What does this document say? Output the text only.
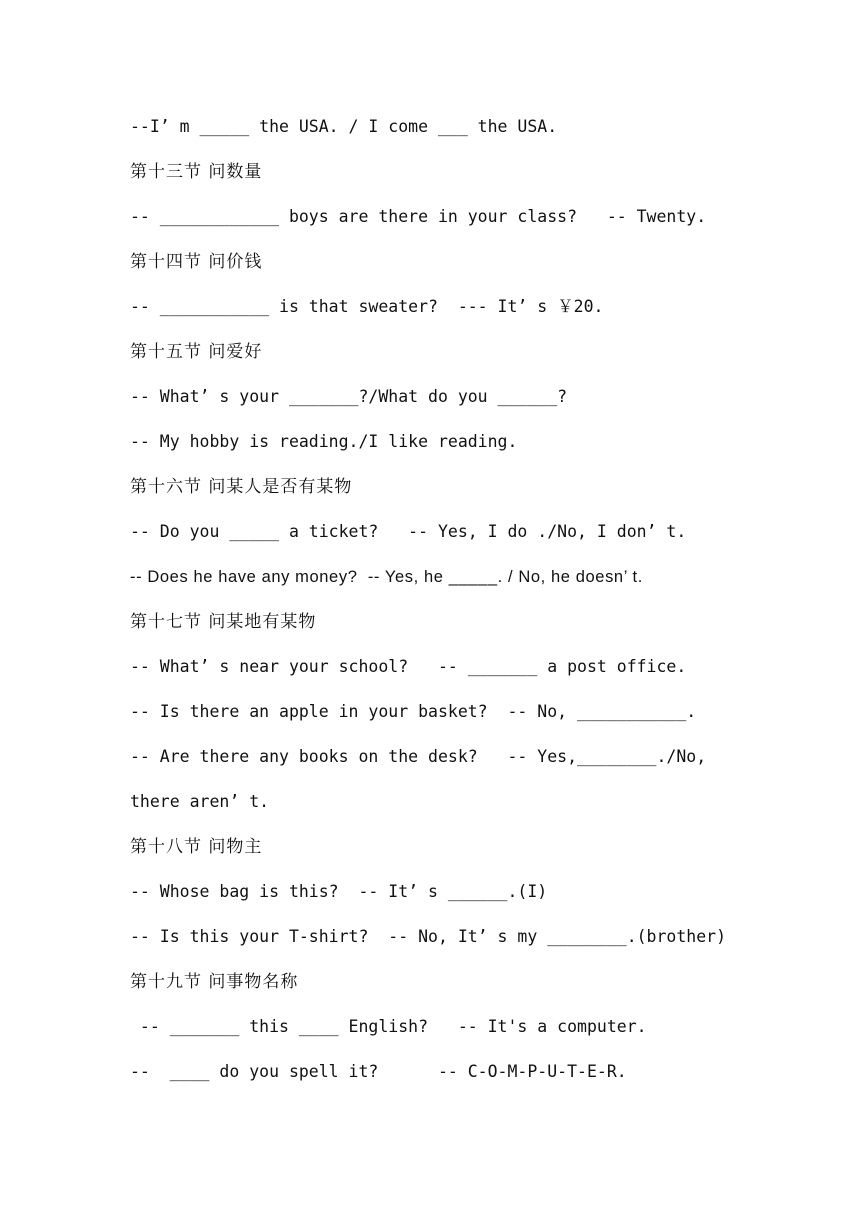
--I’ m _____ the USA. / I come ___ the USA.
第十三节 问数量
-- ____________ boys are there in your class?   -- Twenty.
第十四节 问价钱
-- ___________ is that sweater?  --- It’ s ￥20.
第十五节 问爱好
-- What’ s your _______?/What do you ______?
-- My hobby is reading./I like reading.
第十六节 问某人是否有某物
-- Do you _____ a ticket?   -- Yes, I do ./No, I don’ t.
-- Does he have any money?  -- Yes, he _____. / No, he doesn’ t.
第十七节 问某地有某物
-- What’ s near your school?   -- _______ a post office.
-- Is there an apple in your basket?  -- No, ___________.
-- Are there any books on the desk?   -- Yes,________./No,
there aren’ t.
第十八节 问物主
-- Whose bag is this?  -- It’ s ______.(I)
-- Is this your T-shirt?  -- No, It’ s my ________.(brother)
第十九节 问事物名称
-- _______ this ____ English?   -- It's a computer.
--  ____ do you spell it?      -- C-O-M-P-U-T-E-R.
